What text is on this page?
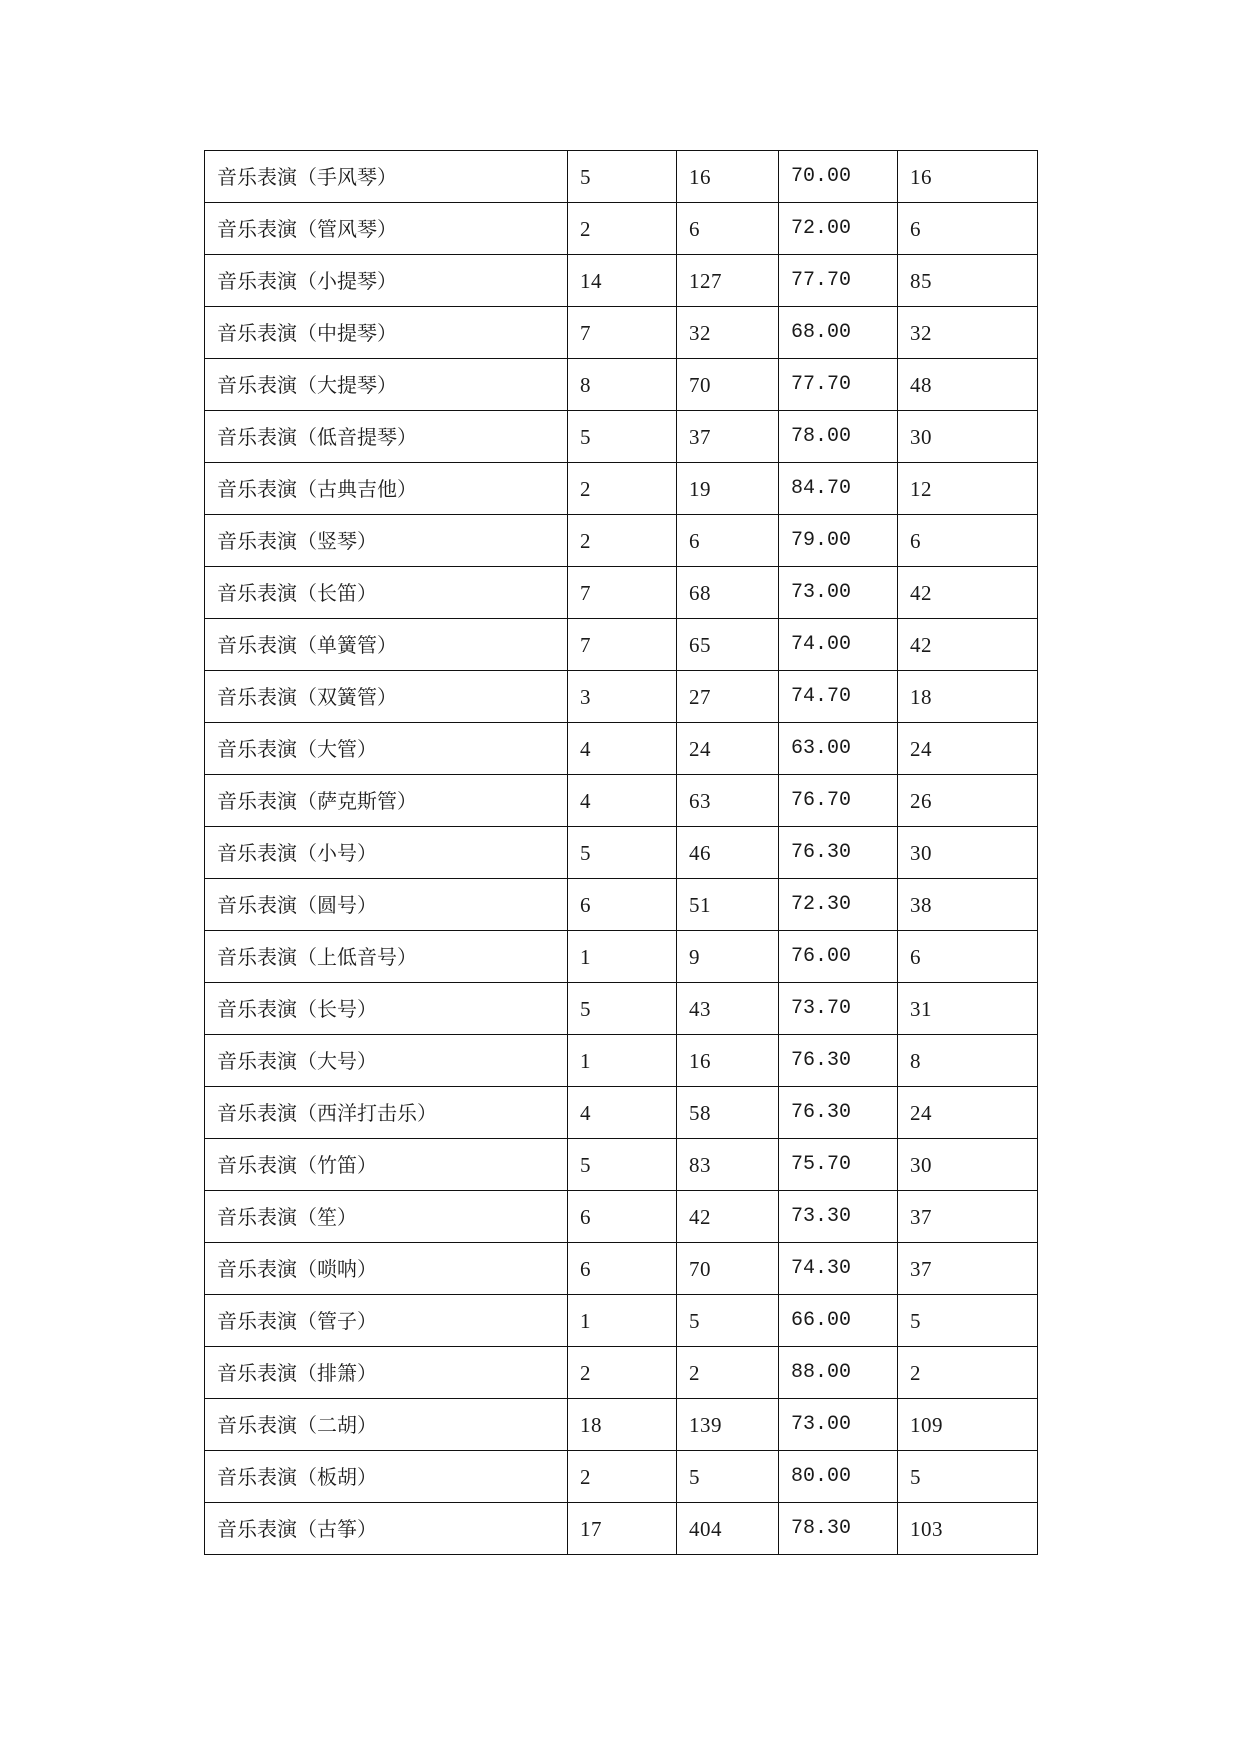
音乐表演（手风琴）	5	16	70.00	16
音乐表演（管风琴）	2	6	72.00	6
音乐表演（小提琴）	14	127	77.70	85
音乐表演（中提琴）	7	32	68.00	32
音乐表演（大提琴）	8	70	77.70	48
音乐表演（低音提琴）	5	37	78.00	30
音乐表演（古典吉他）	2	19	84.70	12
音乐表演（竖琴）	2	6	79.00	6
音乐表演（长笛）	7	68	73.00	42
音乐表演（单簧管）	7	65	74.00	42
音乐表演（双簧管）	3	27	74.70	18
音乐表演（大管）	4	24	63.00	24
音乐表演（萨克斯管）	4	63	76.70	26
音乐表演（小号）	5	46	76.30	30
音乐表演（圆号）	6	51	72.30	38
音乐表演（上低音号）	1	9	76.00	6
音乐表演（长号）	5	43	73.70	31
音乐表演（大号）	1	16	76.30	8
音乐表演（西洋打击乐）	4	58	76.30	24
音乐表演（竹笛）	5	83	75.70	30
音乐表演（笙）	6	42	73.30	37
音乐表演（唢呐）	6	70	74.30	37
音乐表演（管子）	1	5	66.00	5
音乐表演（排箫）	2	2	88.00	2
音乐表演（二胡）	18	139	73.00	109
音乐表演（板胡）	2	5	80.00	5
音乐表演（古筝）	17	404	78.30	103
